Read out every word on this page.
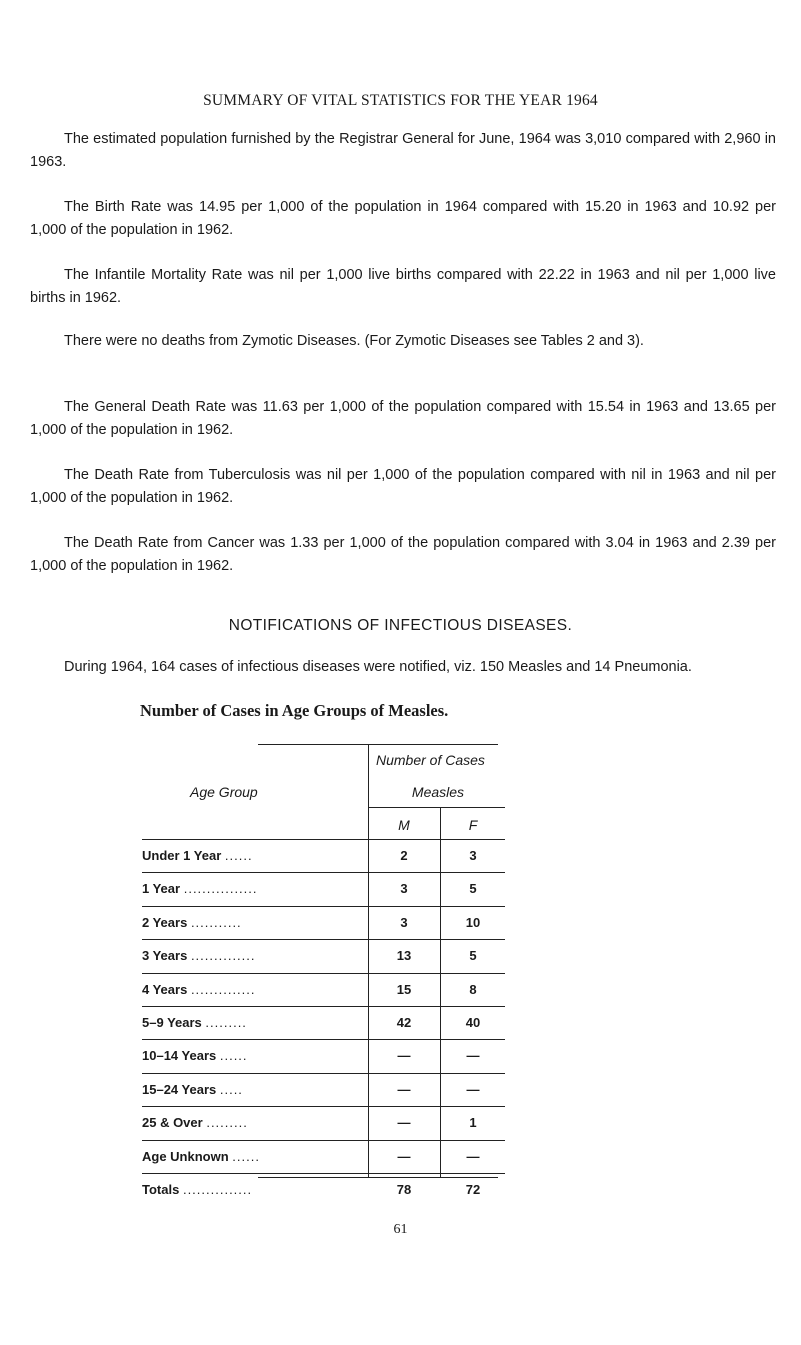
SUMMARY OF VITAL STATISTICS FOR THE YEAR 1964

The estimated population furnished by the Registrar General for June, 1964 was 3,010 compared with 2,960 in 1963.

The Birth Rate was 14.95 per 1,000 of the population in 1964 compared with 15.20 in 1963 and 10.92 per 1,000 of the population in 1962.

The Infantile Mortality Rate was nil per 1,000 live births compared with 22.22 in 1963 and nil per 1,000 live births in 1962.

There were no deaths from Zymotic Diseases. (For Zymotic Diseases see Tables 2 and 3).

The General Death Rate was 11.63 per 1,000 of the population compared with 15.54 in 1963 and 13.65 per 1,000 of the population in 1962.

The Death Rate from Tuberculosis was nil per 1,000 of the population compared with nil in 1963 and nil per 1,000 of the population in 1962.

The Death Rate from Cancer was 1.33 per 1,000 of the population compared with 3.04 in 1963 and 2.39 per 1,000 of the population in 1962.

NOTIFICATIONS OF INFECTIOUS DISEASES.

During 1964, 164 cases of infectious diseases were notified, viz. 150 Measles and 14 Pneumonia.

Number of Cases in Age Groups of Measles.
Number of Cases
Age Group	Measles
M	F
Under 1 Year ......	2	3
1 Year ................	3	5
2 Years ...........	3	10
3 Years ..............	13	5
4 Years ..............	15	8
5–9 Years .........	42	40
10–14 Years ......	—	—
15–24 Years .....	—	—
25 & Over .........	—	1
Age Unknown ......	—	—
Totals ...............	78	72
61
